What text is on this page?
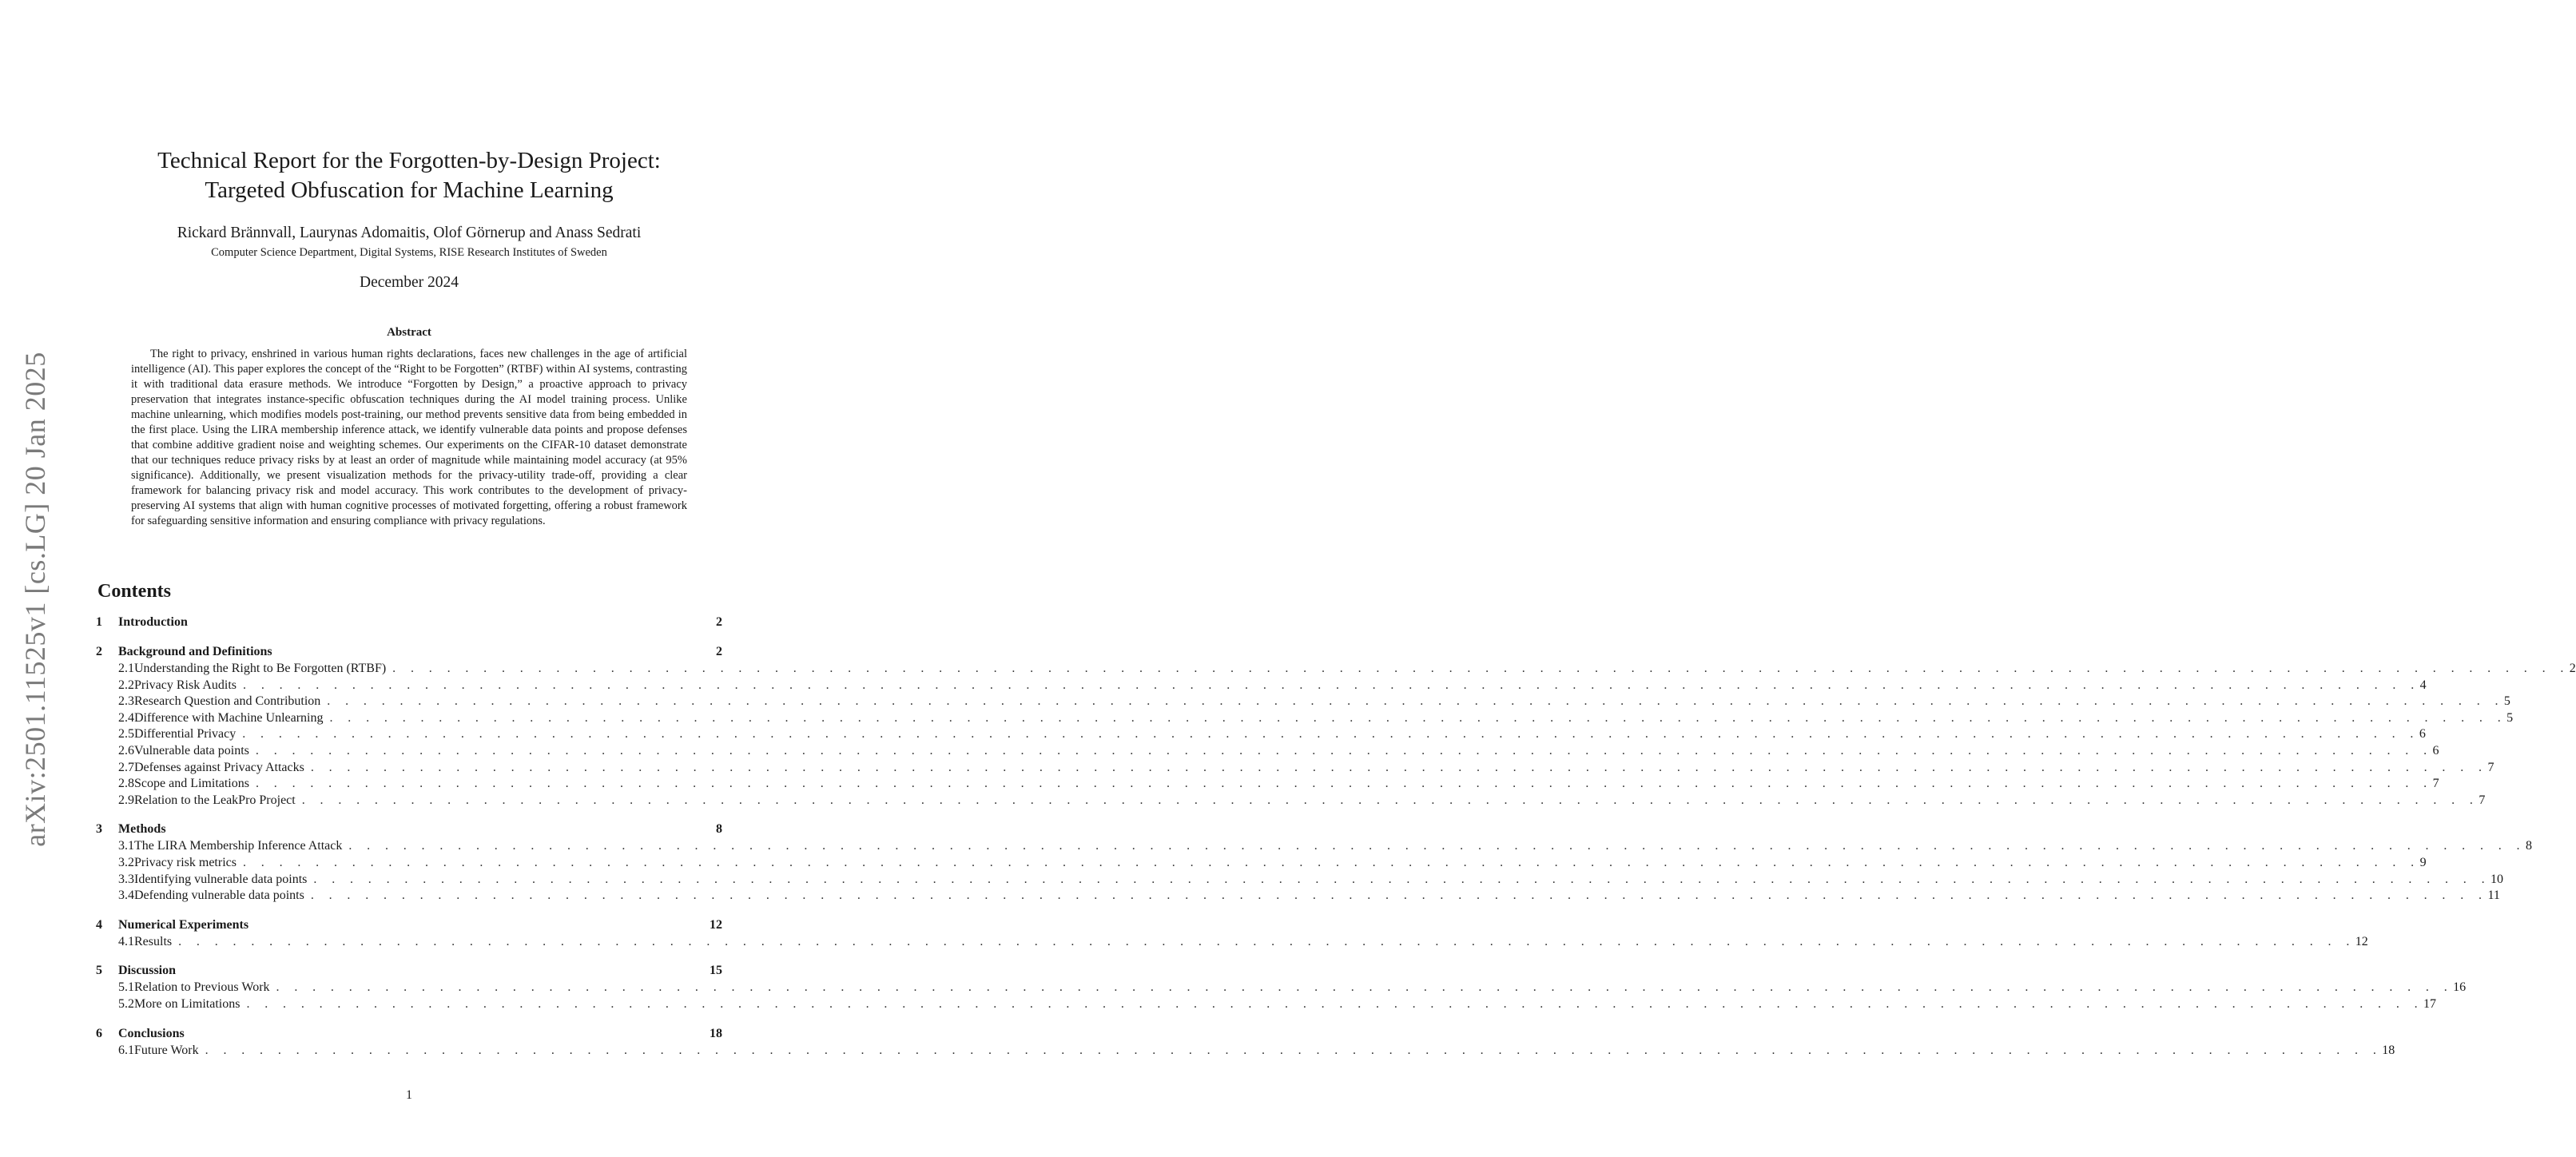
arXiv:2501.11525v1 [cs.LG] 20 Jan 2025
Technical Report for the Forgotten-by-Design Project:
Targeted Obfuscation for Machine Learning
Rickard Brännvall, Laurynas Adomaitis, Olof Görnerup and Anass Sedrati
Computer Science Department, Digital Systems, RISE Research Institutes of Sweden
December 2024
Abstract
The right to privacy, enshrined in various human rights declarations, faces new challenges in the age of artificial intelligence (AI). This paper explores the concept of the “Right to be Forgotten” (RTBF) within AI systems, contrasting it with traditional data erasure methods. We introduce “Forgotten by Design,” a proactive approach to privacy preservation that integrates instance-specific obfuscation techniques during the AI model training process. Unlike machine unlearning, which modifies models post-training, our method prevents sensitive data from being embedded in the first place. Using the LIRA membership inference attack, we identify vulnerable data points and propose defenses that combine additive gradient noise and weighting schemes. Our experiments on the CIFAR-10 dataset demonstrate that our techniques reduce privacy risks by at least an order of magnitude while maintaining model accuracy (at 95% significance). Additionally, we present visualization methods for the privacy-utility trade-off, providing a clear framework for balancing privacy risk and model accuracy. This work contributes to the development of privacy-preserving AI systems that align with human cognitive processes of motivated forgetting, offering a robust framework for safeguarding sensitive information and ensuring compliance with privacy regulations.
Contents
1	Introduction	2
2	Background and Definitions	2
2.1 Understanding the Right to Be Forgotten (RTBF) . . . . . . . . . . . . . . . . . . . . . . . . . . . . . . . . . . . . . . . . . . . . . . . . . . . . . . . . . . . . . . . . . . . . . . . . . . . . . . . . . . . . . . . . . . . . . . . . . . . . . . . . . . . . . . . . . . . . . . . . 2
2.2 Privacy Risk Audits . . . . . . . . . . . . . . . . . . . . . . . . . . . . . . . . . . . . . . . . . . . . . . . . . . . . . . . . . . . . . . . . . . . . . . . . . . . . . . . . . . . . . . . . . . . . . . . . . . . . . . . . . . . . . . . . . . . . . . . . 4
2.3 Research Question and Contribution . . . . . . . . . . . . . . . . . . . . . . . . . . . . . . . . . . . . . . . . . . . . . . . . . . . . . . . . . . . . . . . . . . . . . . . . . . . . . . . . . . . . . . . . . . . . . . . . . . . . . . . . . . . . . . . . . . . . . . . . 5
2.4 Difference with Machine Unlearning . . . . . . . . . . . . . . . . . . . . . . . . . . . . . . . . . . . . . . . . . . . . . . . . . . . . . . . . . . . . . . . . . . . . . . . . . . . . . . . . . . . . . . . . . . . . . . . . . . . . . . . . . . . . . . . . . . . . . . . . 5
2.5 Differential Privacy . . . . . . . . . . . . . . . . . . . . . . . . . . . . . . . . . . . . . . . . . . . . . . . . . . . . . . . . . . . . . . . . . . . . . . . . . . . . . . . . . . . . . . . . . . . . . . . . . . . . . . . . . . . . . . . . . . . . . . . . 6
2.6 Vulnerable data points . . . . . . . . . . . . . . . . . . . . . . . . . . . . . . . . . . . . . . . . . . . . . . . . . . . . . . . . . . . . . . . . . . . . . . . . . . . . . . . . . . . . . . . . . . . . . . . . . . . . . . . . . . . . . . . . . . . . . . . . 6
2.7 Defenses against Privacy Attacks . . . . . . . . . . . . . . . . . . . . . . . . . . . . . . . . . . . . . . . . . . . . . . . . . . . . . . . . . . . . . . . . . . . . . . . . . . . . . . . . . . . . . . . . . . . . . . . . . . . . . . . . . . . . . . . . . . . . . . . . 7
2.8 Scope and Limitations . . . . . . . . . . . . . . . . . . . . . . . . . . . . . . . . . . . . . . . . . . . . . . . . . . . . . . . . . . . . . . . . . . . . . . . . . . . . . . . . . . . . . . . . . . . . . . . . . . . . . . . . . . . . . . . . . . . . . . . . 7
2.9 Relation to the LeakPro Project . . . . . . . . . . . . . . . . . . . . . . . . . . . . . . . . . . . . . . . . . . . . . . . . . . . . . . . . . . . . . . . . . . . . . . . . . . . . . . . . . . . . . . . . . . . . . . . . . . . . . . . . . . . . . . . . . . . . . . . . 7
3	Methods	8
3.1 The LIRA Membership Inference Attack . . . . . . . . . . . . . . . . . . . . . . . . . . . . . . . . . . . . . . . . . . . . . . . . . . . . . . . . . . . . . . . . . . . . . . . . . . . . . . . . . . . . . . . . . . . . . . . . . . . . . . . . . . . . . . . . . . . . . . . . 8
3.2 Privacy risk metrics . . . . . . . . . . . . . . . . . . . . . . . . . . . . . . . . . . . . . . . . . . . . . . . . . . . . . . . . . . . . . . . . . . . . . . . . . . . . . . . . . . . . . . . . . . . . . . . . . . . . . . . . . . . . . . . . . . . . . . . . 9
3.3 Identifying vulnerable data points . . . . . . . . . . . . . . . . . . . . . . . . . . . . . . . . . . . . . . . . . . . . . . . . . . . . . . . . . . . . . . . . . . . . . . . . . . . . . . . . . . . . . . . . . . . . . . . . . . . . . . . . . . . . . . . . . . . . . . . . 10
3.4 Defending vulnerable data points . . . . . . . . . . . . . . . . . . . . . . . . . . . . . . . . . . . . . . . . . . . . . . . . . . . . . . . . . . . . . . . . . . . . . . . . . . . . . . . . . . . . . . . . . . . . . . . . . . . . . . . . . . . . . . . . . . . . . . . . 11
4	Numerical Experiments	12
4.1 Results . . . . . . . . . . . . . . . . . . . . . . . . . . . . . . . . . . . . . . . . . . . . . . . . . . . . . . . . . . . . . . . . . . . . . . . . . . . . . . . . . . . . . . . . . . . . . . . . . . . . . . . . . . . . . . . . . . . . . . . . 12
5	Discussion	15
5.1 Relation to Previous Work . . . . . . . . . . . . . . . . . . . . . . . . . . . . . . . . . . . . . . . . . . . . . . . . . . . . . . . . . . . . . . . . . . . . . . . . . . . . . . . . . . . . . . . . . . . . . . . . . . . . . . . . . . . . . . . . . . . . . . . . 16
5.2 More on Limitations . . . . . . . . . . . . . . . . . . . . . . . . . . . . . . . . . . . . . . . . . . . . . . . . . . . . . . . . . . . . . . . . . . . . . . . . . . . . . . . . . . . . . . . . . . . . . . . . . . . . . . . . . . . . . . . . . . . . . . . . 17
6	Conclusions	18
6.1 Future Work . . . . . . . . . . . . . . . . . . . . . . . . . . . . . . . . . . . . . . . . . . . . . . . . . . . . . . . . . . . . . . . . . . . . . . . . . . . . . . . . . . . . . . . . . . . . . . . . . . . . . . . . . . . . . . . . . . . . . . . . 18
1
